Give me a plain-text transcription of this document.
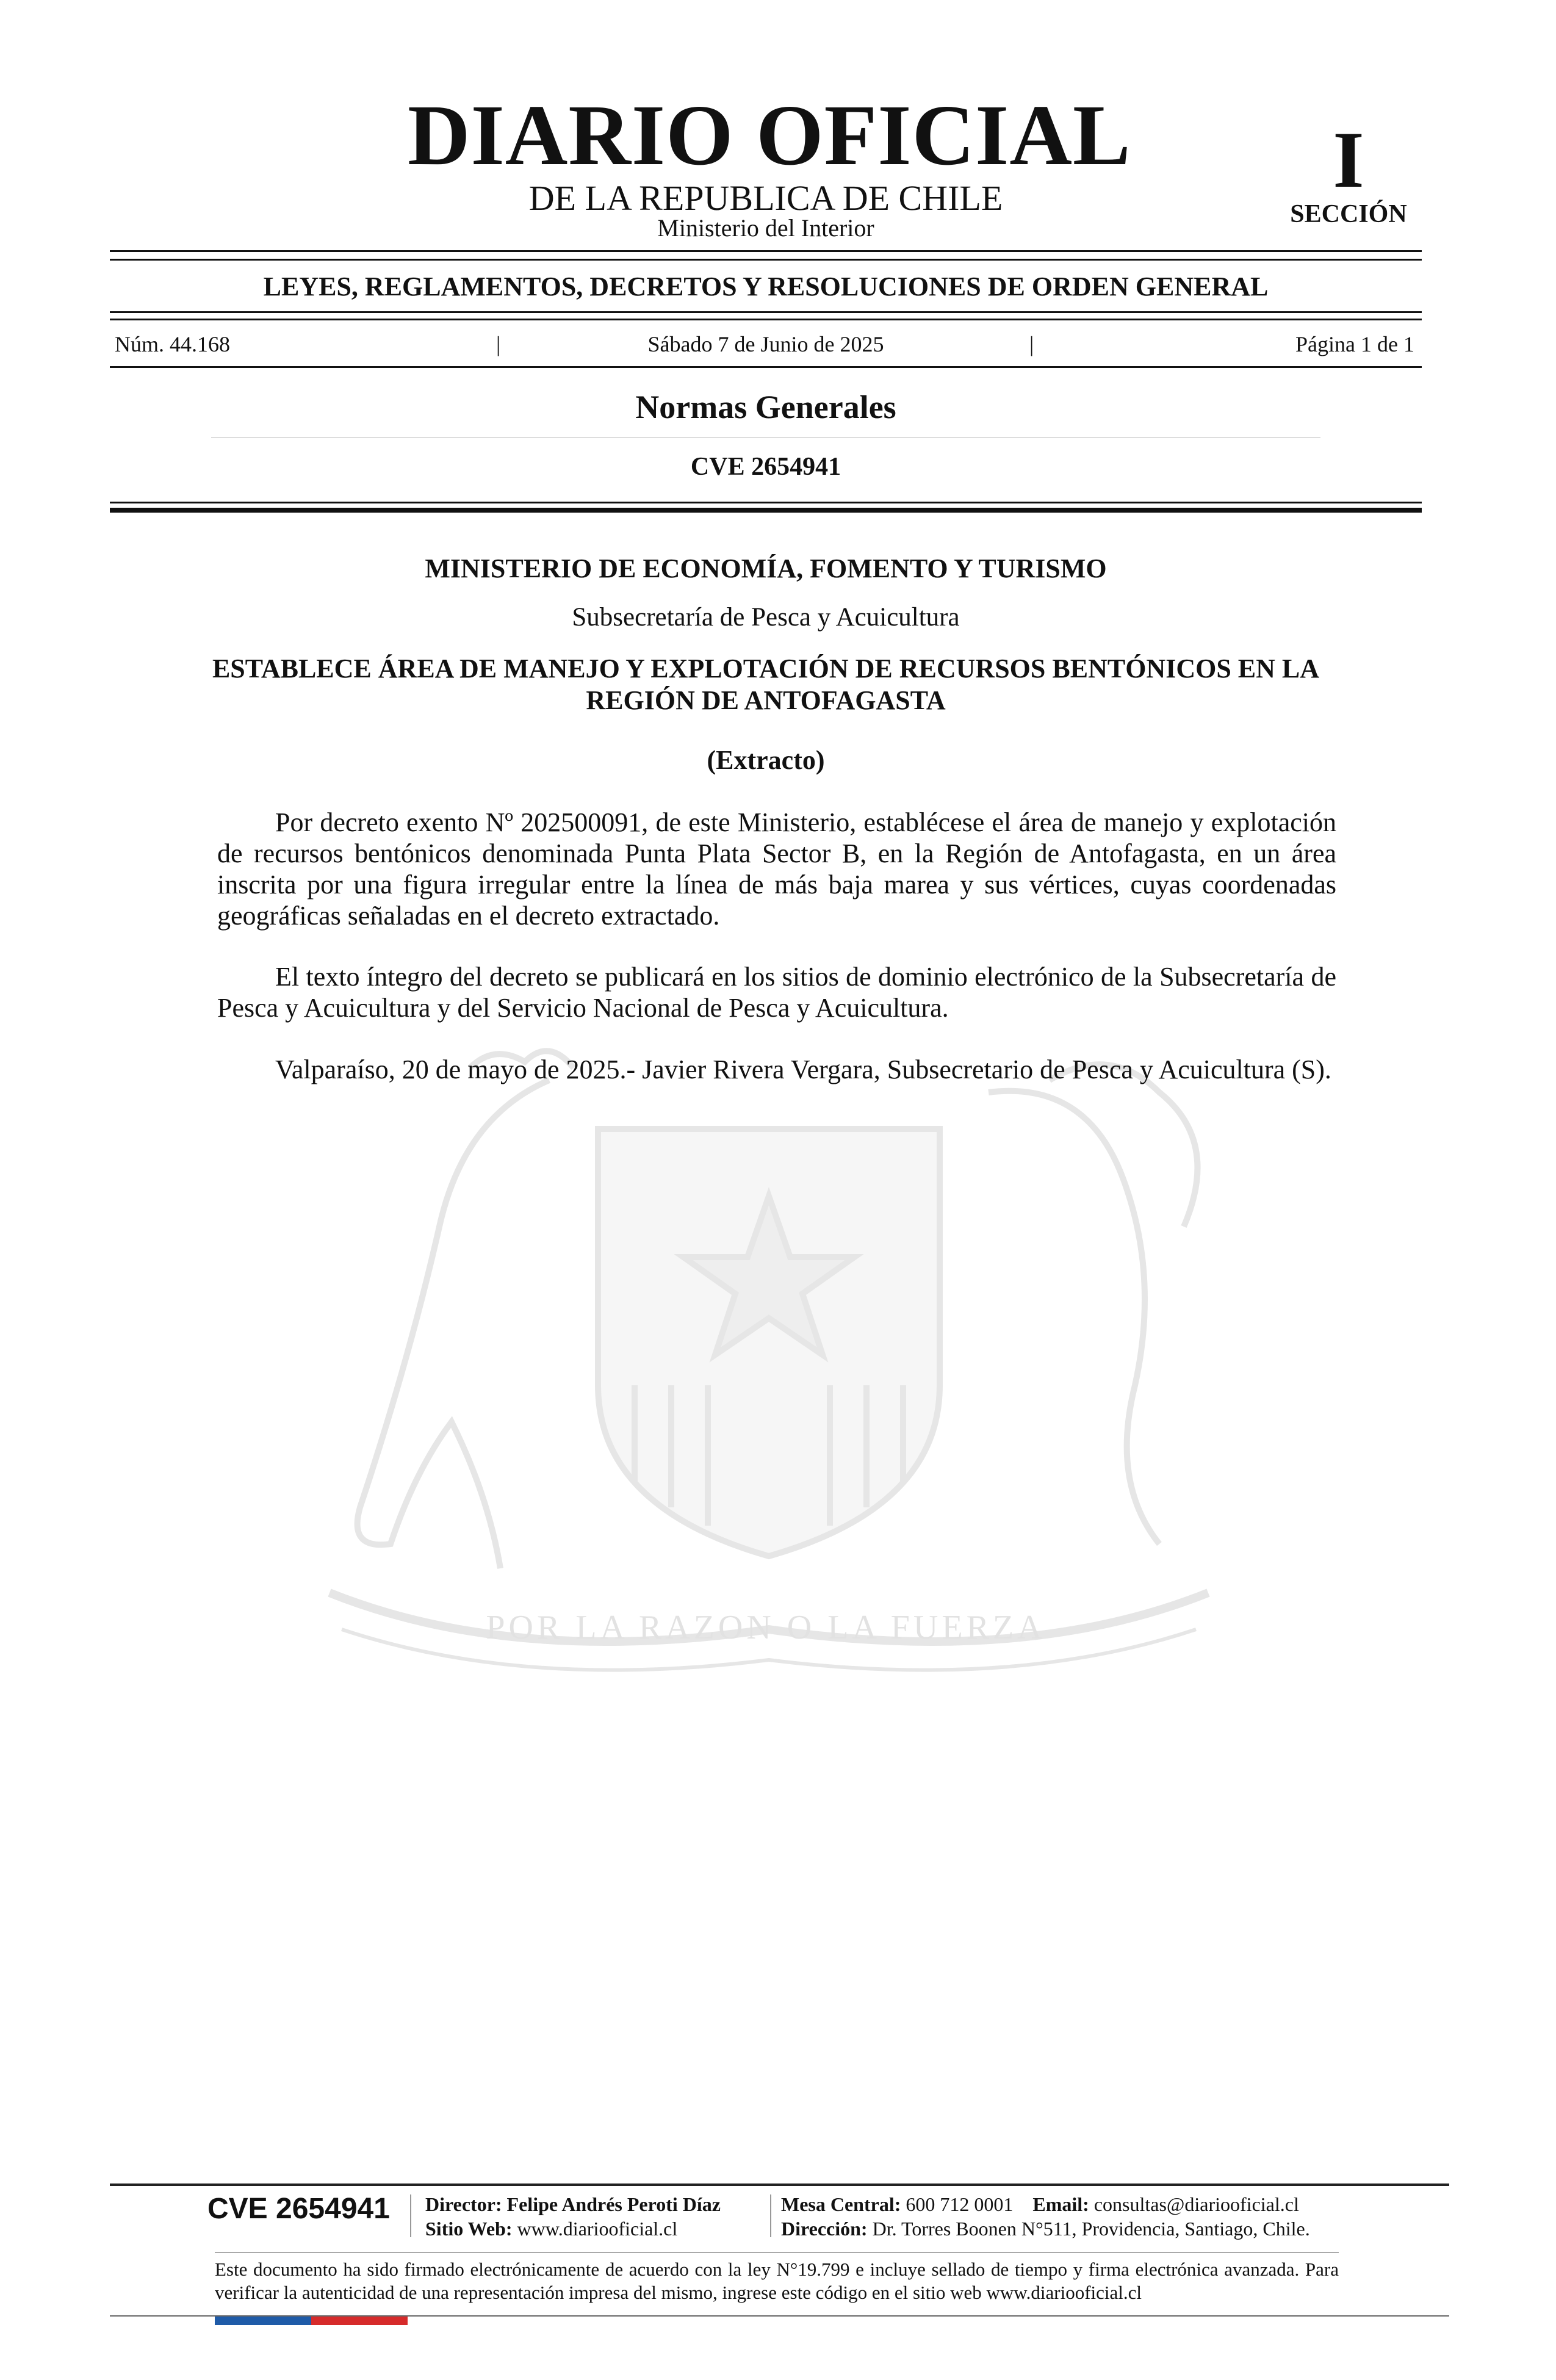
POR LA RAZON O LA FUERZA
DIARIO OFICIAL
DE LA REPUBLICA DE CHILE
Ministerio del Interior
I
SECCIÓN
LEYES, REGLAMENTOS, DECRETOS Y RESOLUCIONES DE ORDEN GENERAL
Núm. 44.168	|	Sábado 7 de Junio de 2025	|	Página 1 de 1
Normas Generales
CVE 2654941
MINISTERIO DE ECONOMÍA, FOMENTO Y TURISMO
Subsecretaría de Pesca y Acuicultura
ESTABLECE ÁREA DE MANEJO Y EXPLOTACIÓN DE RECURSOS BENTÓNICOS EN LA REGIÓN DE ANTOFAGASTA
(Extracto)
Por decreto exento Nº 202500091, de este Ministerio, establécese el área de manejo y explotación de recursos bentónicos denominada Punta Plata Sector B, en la Región de Antofagasta, en un área inscrita por una figura irregular entre la línea de más baja marea y sus vértices, cuyas coordenadas geográficas señaladas en el decreto extractado.
El texto íntegro del decreto se publicará en los sitios de dominio electrónico de la Subsecretaría de Pesca y Acuicultura y del Servicio Nacional de Pesca y Acuicultura.
Valparaíso, 20 de mayo de 2025.- Javier Rivera Vergara, Subsecretario de Pesca y Acuicultura (S).
CVE 2654941 Director: Felipe Andrés Peroti Díaz
Sitio Web: www.diariooficial.cl
Mesa Central: 600 712 0001 Email: consultas@diariooficial.cl
Dirección: Dr. Torres Boonen N°511, Providencia, Santiago, Chile.
Este documento ha sido firmado electrónicamente de acuerdo con la ley N°19.799 e incluye sellado de tiempo y firma electrónica avanzada. Para verificar la autenticidad de una representación impresa del mismo, ingrese este código en el sitio web www.diariooficial.cl
